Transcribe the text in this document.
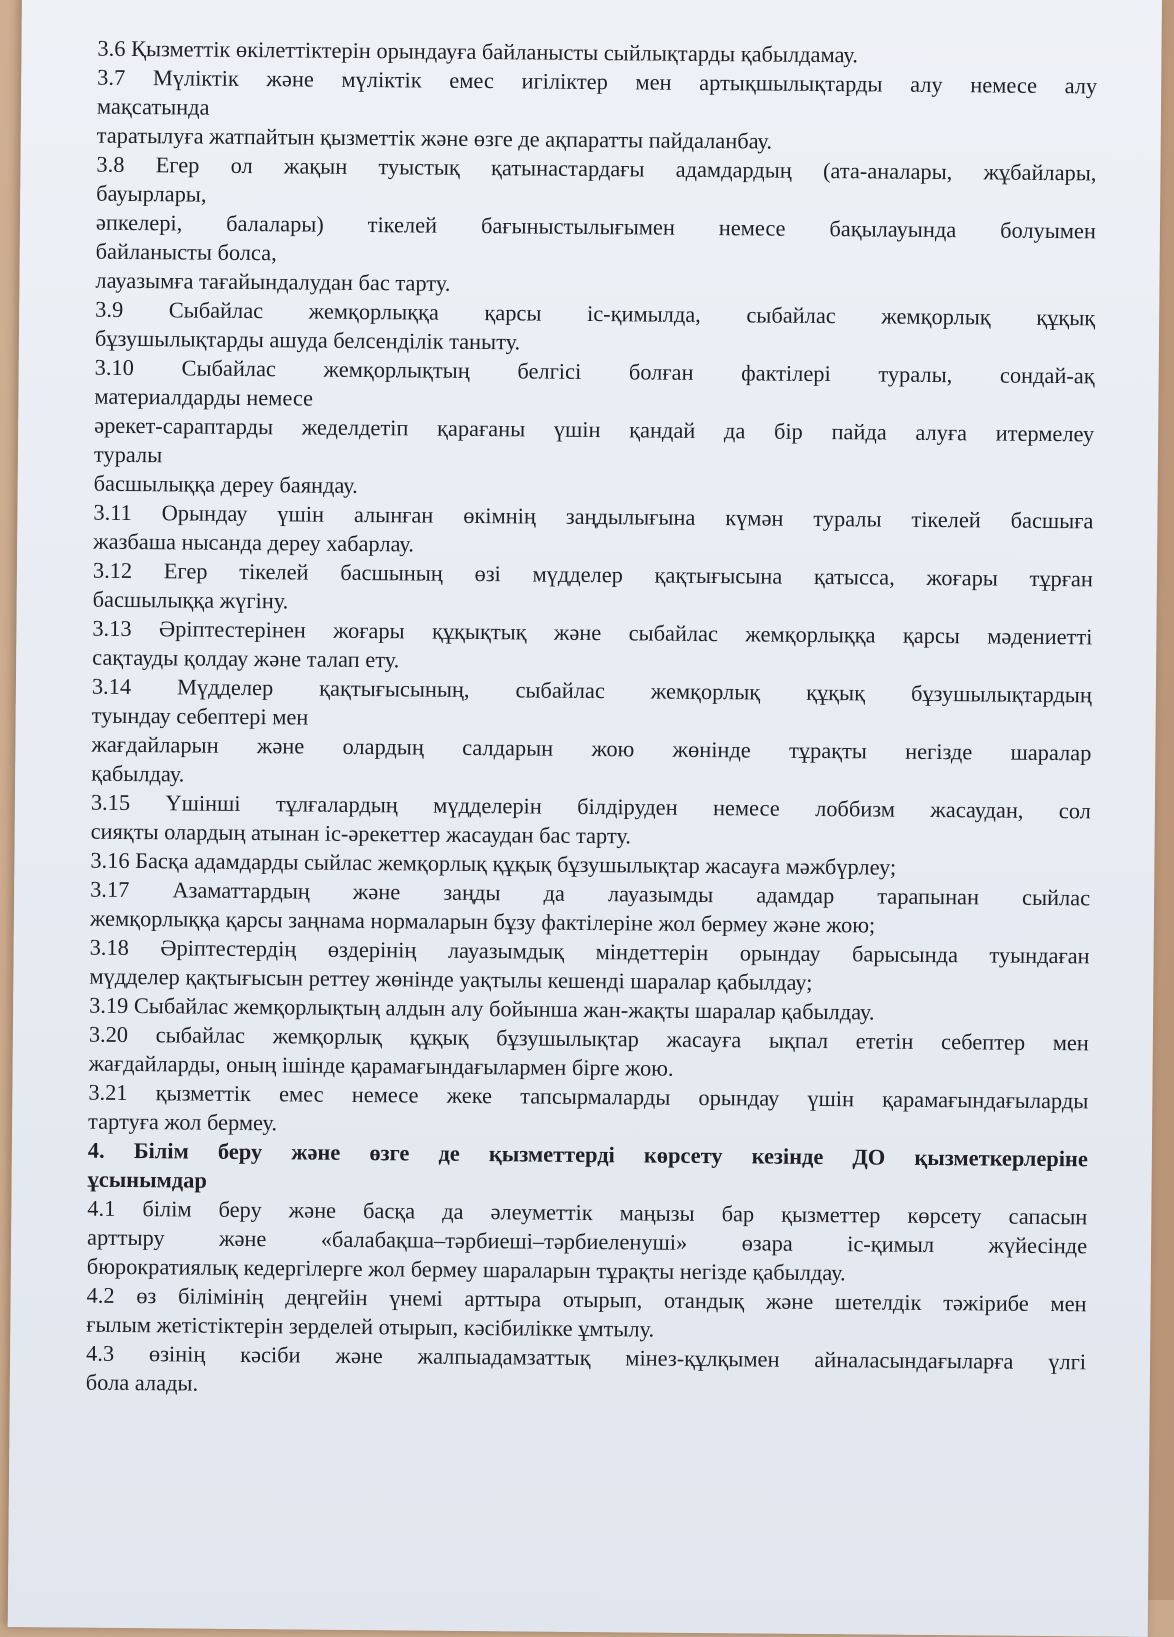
3.6 Қызметтік өкілеттіктерін орындауға байланысты сыйлықтарды қабылдамау.
3.7 Мүліктік және мүліктік емес игіліктер мен артықшылықтарды алу немесе алу
мақсатында
таратылуға жатпайтын қызметтік және өзге де ақпаратты пайдаланбау.
3.8 Егер ол жақын туыстық қатынастардағы адамдардың (ата-аналары, жұбайлары,
бауырлары,
әпкелері, балалары) тікелей бағыныстылығымен немесе бақылауында болуымен
байланысты болса,
лауазымға тағайындалудан бас тарту.
3.9 Сыбайлас жемқорлыққа қарсы іс-қимылда, сыбайлас жемқорлық құқық
бұзушылықтарды ашуда белсенділік таныту.
3.10 Сыбайлас жемқорлықтың белгісі болған фактілері туралы, сондай-ақ
материалдарды немесе
әрекет-сараптарды жеделдетіп қарағаны үшін қандай да бір пайда алуға итермелеу
туралы
басшылыққа дереу баяндау.
3.11 Орындау үшін алынған өкімнің заңдылығына күмән туралы тікелей басшыға
жазбаша нысанда дереу хабарлау.
3.12 Егер тікелей басшының өзі мүдделер қақтығысына қатысса, жоғары тұрған
басшылыққа жүгіну.
3.13 Әріптестерінен жоғары құқықтық және сыбайлас жемқорлыққа қарсы мәдениетті
сақтауды қолдау және талап ету.
3.14 Мүдделер қақтығысының, сыбайлас жемқорлық құқық бұзушылықтардың
туындау себептері мен
жағдайларын және олардың салдарын жою жөнінде тұрақты негізде шаралар
қабылдау.
3.15 Үшінші тұлғалардың мүдделерін білдіруден немесе лоббизм жасаудан, сол
сияқты олардың атынан іс-әрекеттер жасаудан бас тарту.
3.16 Басқа адамдарды сыйлас жемқорлық құқық бұзушылықтар жасауға мәжбүрлеу;
3.17 Азаматтардың және заңды да лауазымды адамдар тарапынан сыйлас
жемқорлыққа қарсы заңнама нормаларын бұзу фактілеріне жол бермеу және жою;
3.18 Әріптестердің өздерінің лауазымдық міндеттерін орындау барысында туындаған
мүдделер қақтығысын реттеу жөнінде уақтылы кешенді шаралар қабылдау;
3.19 Сыбайлас жемқорлықтың алдын алу бойынша жан-жақты шаралар қабылдау.
3.20 сыбайлас жемқорлық құқық бұзушылықтар жасауға ықпал ететін себептер мен
жағдайларды, оның ішінде қарамағындағылармен бірге жою.
3.21 қызметтік емес немесе жеке тапсырмаларды орындау үшін қарамағындағыларды
тартуға жол бермеу.
4. Білім беру және өзге де қызметтерді көрсету кезінде ДО қызметкерлеріне
ұсынымдар
4.1 білім беру және басқа да әлеуметтік маңызы бар қызметтер көрсету сапасын
арттыру және «балабақша–тәрбиеші–тәрбиеленуші» өзара іс-қимыл жүйесінде
бюрократиялық кедергілерге жол бермеу шараларын тұрақты негізде қабылдау.
4.2 өз білімінің деңгейін үнемі арттыра отырып, отандық және шетелдік тәжірибе мен
ғылым жетістіктерін зерделей отырып, кәсібилікке ұмтылу.
4.3 өзінің кәсіби және жалпыадамзаттық мінез-құлқымен айналасындағыларға үлгі
бола алады.
